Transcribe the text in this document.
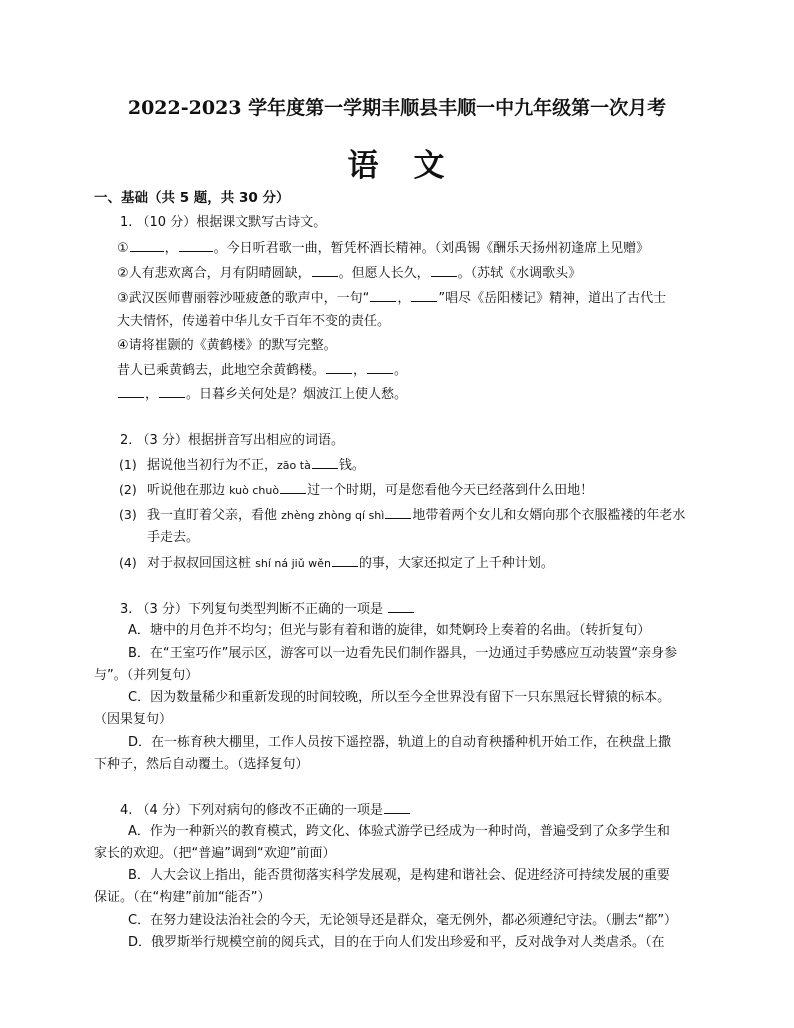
2022-2023 学年度第一学期丰顺县丰顺一中九年级第一次月考
语　文
一、基础（共 5 题，共 30 分）
1. （10 分）根据课文默写古诗文。
①	，	。今日听君歌一曲，暂凭杯酒长精神。（刘禹锡《酬乐天扬州初逢席上见赠》
②人有悲欢离合，月有阴晴圆缺， 。但愿人长久， 。（苏轼《水调歌头》
③武汉医师曹丽蓉沙哑疲惫的歌声中，一句“ ， ”唱尽《岳阳楼记》精神，道出了古代士
大夫情怀，传递着中华儿女千百年不变的责任。
④请将崔颢的《黄鹤楼》的默写完整。
昔人已乘黄鹤去，此地空余黄鹤楼。 ， 。
， 。日暮乡关何处是？烟波江上使人愁。
2. （3 分）根据拼音写出相应的词语。
(1) 据说他当初行为不正，zāo tà 钱。
(2) 听说他在那边 kuò chuò 过一个时期，可是您看他今天已经落到什么田地！
(3) 我一直盯着父亲，看他 zhèng zhòng qí shì 地带着两个女儿和女婿向那个衣服褴褛的年老水
手走去。
(4) 对于叔叔回国这桩 shí ná jiǔ wěn 的事，大家还拟定了上千种计划。
3. （3 分）下列复句类型判断不正确的一项是
A．塘中的月色并不均匀；但光与影有着和谐的旋律，如梵婀玲上奏着的名曲。（转折复句）
B．在“王室巧作”展示区，游客可以一边看先民们制作器具，一边通过手势感应互动装置“亲身参
与”。（并列复句）
C．因为数量稀少和重新发现的时间较晚，所以至今全世界没有留下一只东黑冠长臂猿的标本。
（因果复句）
D．在一栋育秧大棚里，工作人员按下遥控器，轨道上的自动育秧播种机开始工作，在秧盘上撒
下种子，然后自动覆土。（选择复句）
4. （4 分）下列对病句的修改不正确的一项是
A．作为一种新兴的教育模式，跨文化、体验式游学已经成为一种时尚，普遍受到了众多学生和
家长的欢迎。（把“普遍”调到“欢迎”前面）
B．人大会议上指出，能否贯彻落实科学发展观，是构建和谐社会、促进经济可持续发展的重要
保证。（在“构建”前加“能否”）
C．在努力建设法治社会的今天，无论领导还是群众，毫无例外，都必须遵纪守法。（删去“都”）
D．俄罗斯举行规模空前的阅兵式，目的在于向人们发出珍爱和平，反对战争对人类虐杀。（在
